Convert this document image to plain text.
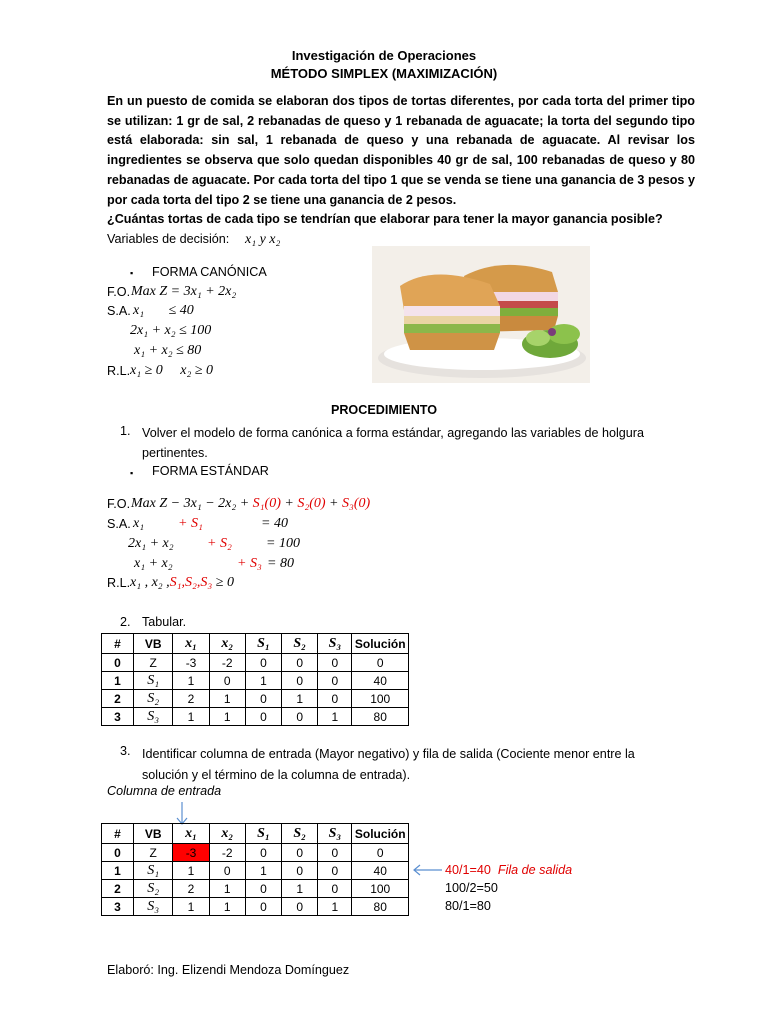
Investigación de Operaciones
MÉTODO SIMPLEX (MAXIMIZACIÓN)
En un puesto de comida se elaboran dos tipos de tortas diferentes, por cada torta del primer tipo se utilizan: 1 gr de sal, 2 rebanadas de queso y 1 rebanada de aguacate; la torta del segundo tipo está elaborada: sin sal, 1 rebanada de queso y una rebanada de aguacate. Al revisar los ingredientes se observa que solo quedan disponibles 40 gr de sal, 100 rebanadas de queso y 80 rebanadas de aguacate. Por cada torta del tipo 1 que se venda se tiene una ganancia de 3 pesos y por cada torta del tipo 2 se tiene una ganancia de 2 pesos.
¿Cuántas tortas de cada tipo se tendrían que elaborar para tener la mayor ganancia posible?
Variables de decisión: x₁ y x₂
▪ FORMA CANÓNICA
F.O. Max Z = 3x₁ + 2x₂
S.A. x₁       ≤ 40
2x₁ + x₂ ≤ 100
x₁ + x₂ ≤ 80
R.L. x₁ ≥ 0     x₂ ≥ 0
PROCEDIMIENTO
1. Volver el modelo de forma canónica a forma estándar, agregando las variables de holgura pertinentes.
▪ FORMA ESTÁNDAR
F.O. Max Z − 3x₁ − 2x₂ + S₁(0) + S₂(0) + S₃(0)
S.A. x₁ + S₁	= 40
2x₁ + x₂ + S₂ = 100
x₁ + x₂	+ S₃ = 80
R.L. x₁ , x₂ ,S₁,S₂,S₃ ≥ 0
2. Tabular.
#	VB	x₁	x₂	S₁	S₂	S₃	Solución
0	Z	-3	-2	0	0	0	0
1	S₁	1	0	1	0	0	40
2	S₂	2	1	0	1	0	100
3	S₃	1	1	0	0	1	80
3. Identificar columna de entrada (Mayor negativo) y fila de salida (Cociente menor entre la solución y el término de la columna de entrada).
Columna de entrada
#	VB	x₁	x₂	S₁	S₂	S₃	Solución
0	Z	-3	-2	0	0	0	0
1	S₁	1	0	1	0	0	40
2	S₂	2	1	0	1	0	100
3	S₃	1	1	0	0	1	80
40/1=40 Fila de salida
100/2=50
80/1=80
Elaboró: Ing. Elizendi Mendoza Domínguez
